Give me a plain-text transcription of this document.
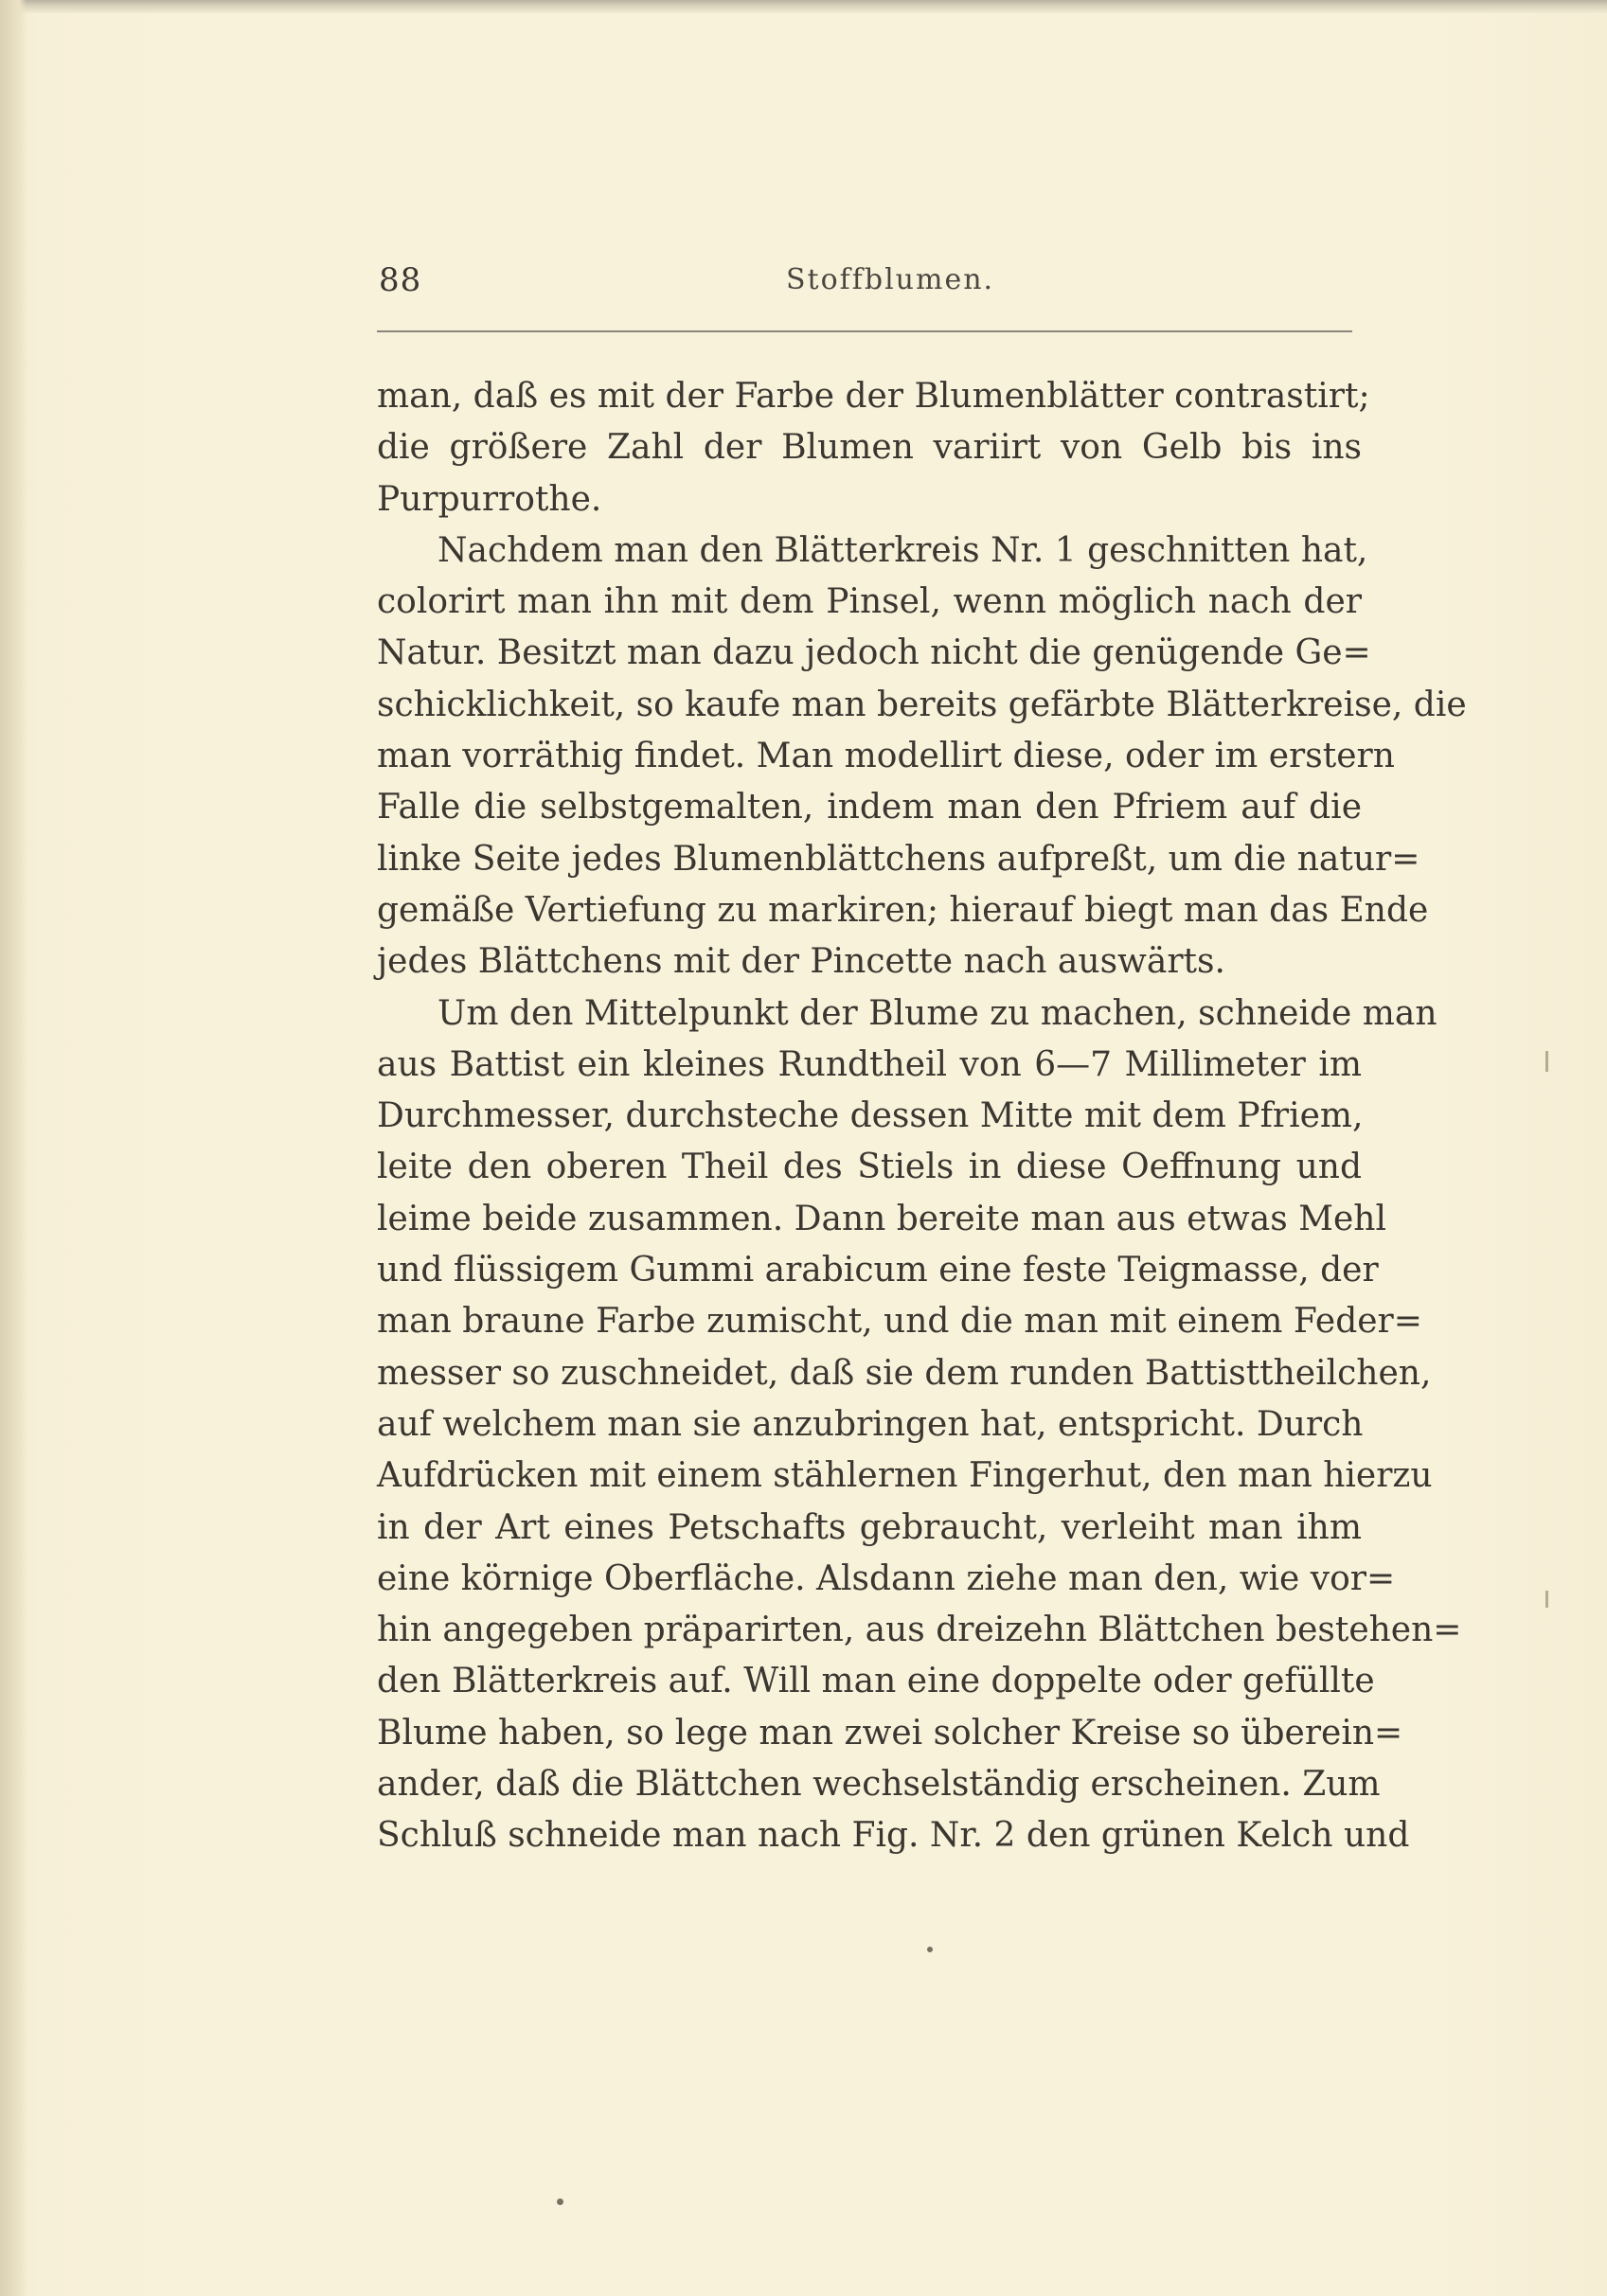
88	Stoffblumen.
man, daß es mit der Farbe der Blumenblätter contrastirt;
die größere Zahl der Blumen variirt von Gelb bis ins
Purpurrothe.
Nachdem man den Blätterkreis Nr. 1 geschnitten hat,
colorirt man ihn mit dem Pinsel, wenn möglich nach der
Natur. Besitzt man dazu jedoch nicht die genügende Ge=
schicklichkeit, so kaufe man bereits gefärbte Blätterkreise, die
man vorräthig findet. Man modellirt diese, oder im erstern
Falle die selbstgemalten, indem man den Pfriem auf die
linke Seite jedes Blumenblättchens aufpreßt, um die natur=
gemäße Vertiefung zu markiren; hierauf biegt man das Ende
jedes Blättchens mit der Pincette nach auswärts.
Um den Mittelpunkt der Blume zu machen, schneide man
aus Battist ein kleines Rundtheil von 6—7 Millimeter im
Durchmesser, durchsteche dessen Mitte mit dem Pfriem,
leite den oberen Theil des Stiels in diese Oeffnung und
leime beide zusammen. Dann bereite man aus etwas Mehl
und flüssigem Gummi arabicum eine feste Teigmasse, der
man braune Farbe zumischt, und die man mit einem Feder=
messer so zuschneidet, daß sie dem runden Battisttheilchen,
auf welchem man sie anzubringen hat, entspricht. Durch
Aufdrücken mit einem stählernen Fingerhut, den man hierzu
in der Art eines Petschafts gebraucht, verleiht man ihm
eine körnige Oberfläche. Alsdann ziehe man den, wie vor=
hin angegeben präparirten, aus dreizehn Blättchen bestehen=
den Blätterkreis auf. Will man eine doppelte oder gefüllte
Blume haben, so lege man zwei solcher Kreise so überein=
ander, daß die Blättchen wechselständig erscheinen. Zum
Schluß schneide man nach Fig. Nr. 2 den grünen Kelch und
